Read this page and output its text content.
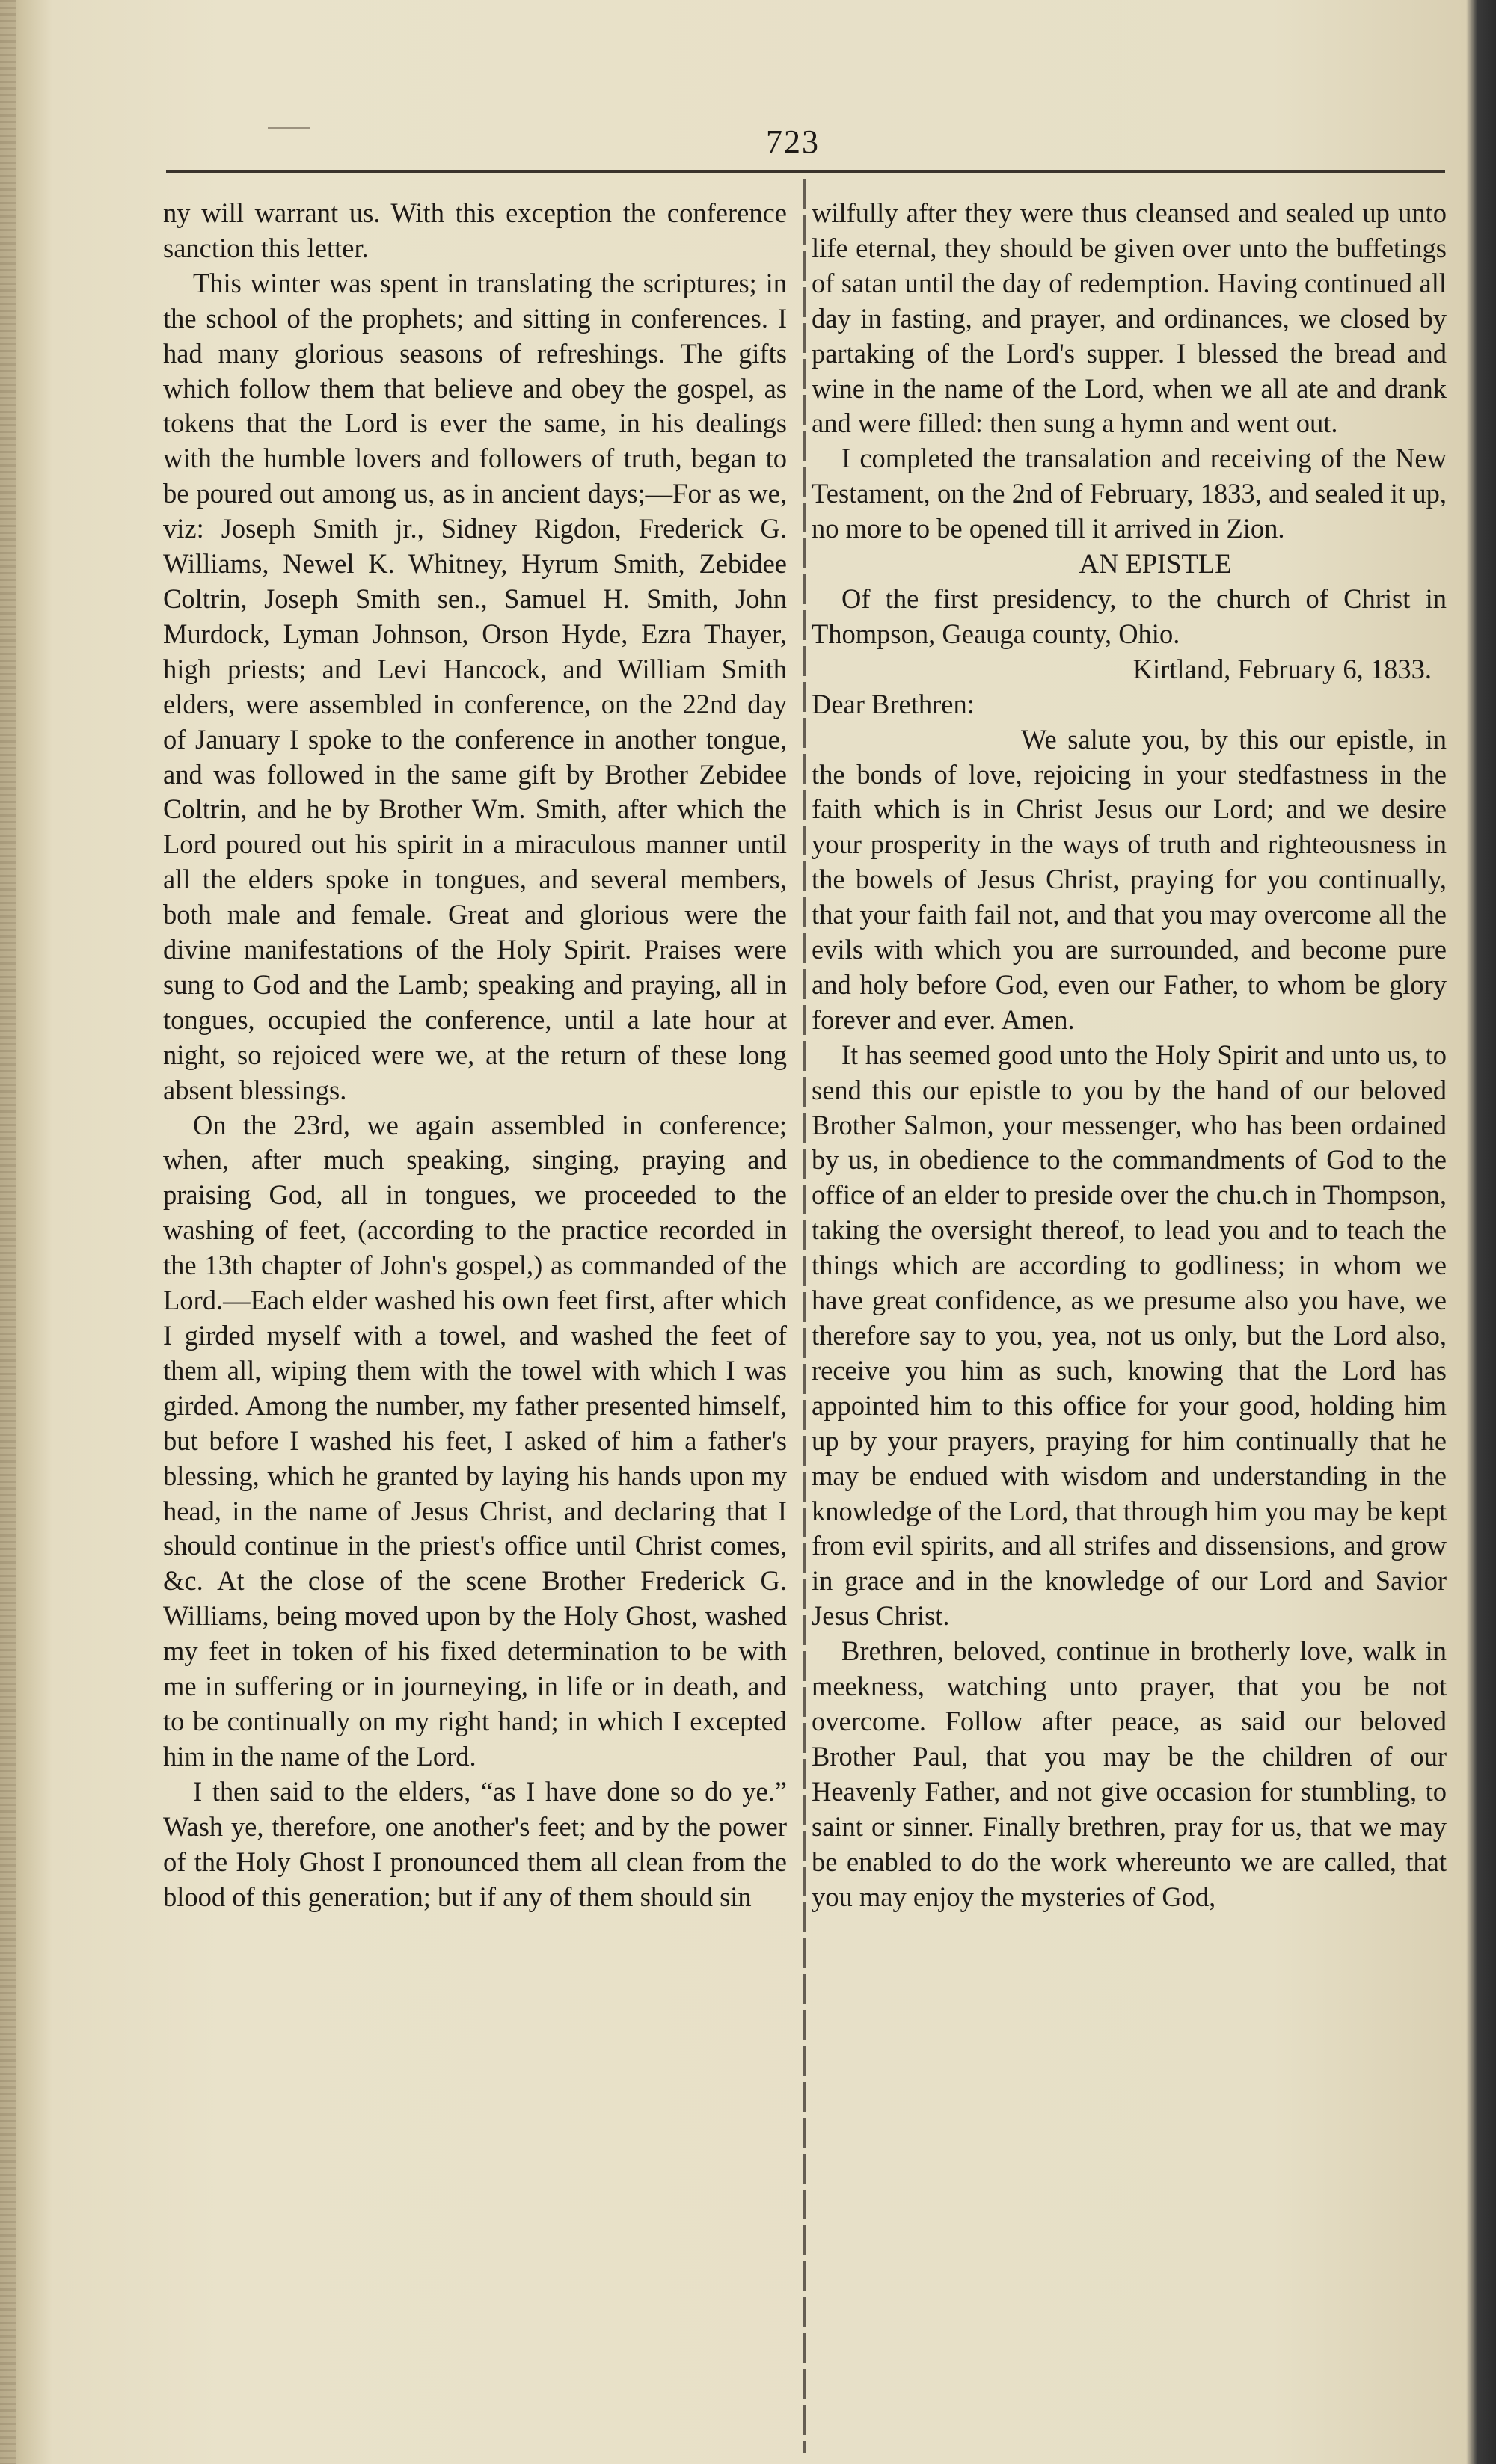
723

ny will warrant us. With this exception the conference sanction this letter.

This winter was spent in translating the scriptures; in the school of the prophets; and sitting in conferences. I had many glorious seasons of refreshings. The gifts which follow them that believe and obey the gospel, as tokens that the Lord is ever the same, in his dealings with the humble lovers and followers of truth, began to be poured out among us, as in ancient days;—For as we, viz: Joseph Smith jr., Sidney Rigdon, Frederick G. Williams, Newel K. Whitney, Hyrum Smith, Zebidee Coltrin, Joseph Smith sen., Samuel H. Smith, John Murdock, Lyman Johnson, Orson Hyde, Ezra Thayer, high priests; and Levi Hancock, and William Smith elders, were assembled in conference, on the 22nd day of January I spoke to the conference in another tongue, and was followed in the same gift by Brother Zebidee Coltrin, and he by Brother Wm. Smith, after which the Lord poured out his spirit in a miraculous manner until all the elders spoke in tongues, and several members, both male and female. Great and glorious were the divine manifestations of the Holy Spirit. Praises were sung to God and the Lamb; speaking and praying, all in tongues, occupied the conference, until a late hour at night, so rejoiced were we, at the return of these long absent blessings.

On the 23rd, we again assembled in conference; when, after much speaking, singing, praying and praising God, all in tongues, we proceeded to the washing of feet, (according to the practice recorded in the 13th chapter of John's gospel,) as commanded of the Lord.—Each elder washed his own feet first, after which I girded myself with a towel, and washed the feet of them all, wiping them with the towel with which I was girded. Among the number, my father presented himself, but before I washed his feet, I asked of him a father's blessing, which he granted by laying his hands upon my head, in the name of Jesus Christ, and declaring that I should continue in the priest's office until Christ comes, &c. At the close of the scene Brother Frederick G. Williams, being moved upon by the Holy Ghost, washed my feet in token of his fixed determination to be with me in suffering or in journeying, in life or in death, and to be continually on my right hand; in which I excepted him in the name of the Lord.

I then said to the elders, “as I have done so do ye.” Wash ye, therefore, one another's feet; and by the power of the Holy Ghost I pronounced them all clean from the blood of this generation; but if any of them should sin

wilfully after they were thus cleansed and sealed up unto life eternal, they should be given over unto the buffetings of satan until the day of redemption. Having continued all day in fasting, and prayer, and ordinances, we closed by partaking of the Lord's supper. I blessed the bread and wine in the name of the Lord, when we all ate and drank and were filled: then sung a hymn and went out.

I completed the transalation and receiving of the New Testament, on the 2nd of February, 1833, and sealed it up, no more to be opened till it arrived in Zion.

AN EPISTLE

Of the first presidency, to the church of Christ in Thompson, Geauga county, Ohio.

Kirtland, February 6, 1833.

Dear Brethren:

We salute you, by this our epistle, in the bonds of love, rejoicing in your stedfastness in the faith which is in Christ Jesus our Lord; and we desire your prosperity in the ways of truth and righteousness in the bowels of Jesus Christ, praying for you continually, that your faith fail not, and that you may overcome all the evils with which you are surrounded, and become pure and holy before God, even our Father, to whom be glory forever and ever. Amen.

It has seemed good unto the Holy Spirit and unto us, to send this our epistle to you by the hand of our beloved Brother Salmon, your messenger, who has been ordained by us, in obedience to the commandments of God to the office of an elder to preside over the chu.ch in Thompson, taking the oversight thereof, to lead you and to teach the things which are according to godliness; in whom we have great confidence, as we presume also you have, we therefore say to you, yea, not us only, but the Lord also, receive you him as such, knowing that the Lord has appointed him to this office for your good, holding him up by your prayers, praying for him continually that he may be endued with wisdom and understanding in the knowledge of the Lord, that through him you may be kept from evil spirits, and all strifes and dissensions, and grow in grace and in the knowledge of our Lord and Savior Jesus Christ.

Brethren, beloved, continue in brotherly love, walk in meekness, watching unto prayer, that you be not overcome. Follow after peace, as said our beloved Brother Paul, that you may be the children of our Heavenly Father, and not give occasion for stumbling, to saint or sinner. Finally brethren, pray for us, that we may be enabled to do the work whereunto we are called, that you may enjoy the mysteries of God,
